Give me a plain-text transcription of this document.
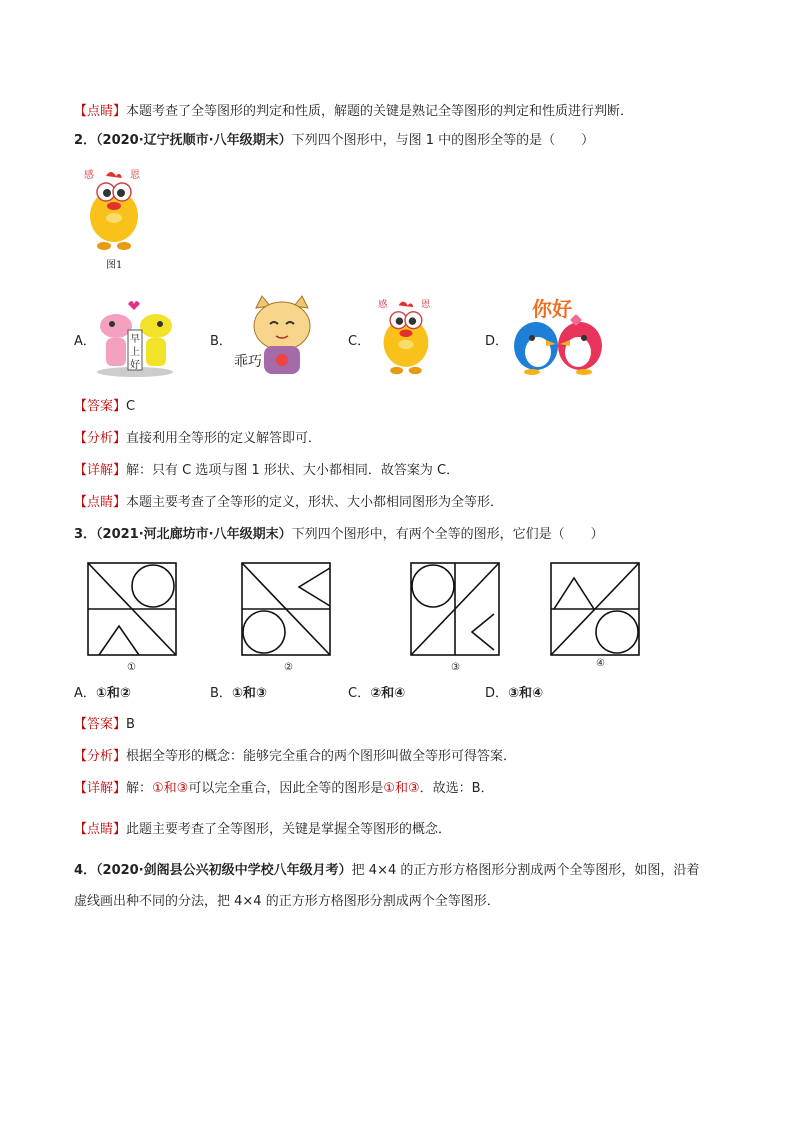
【点睛】本题考查了全等图形的判定和性质，解题的关键是熟记全等图形的判定和性质进行判断．
2．（2020·辽宁抚顺市·八年级期末）下列四个图形中，与图 1 中的图形全等的是（　　）
感	恩
图1
A．	早
上
好
B．
乖巧
C．
感	恩
D．
你好
【答案】C
【分析】直接利用全等形的定义解答即可．
【详解】解：只有 C 选项与图 1 形状、大小都相同．故答案为 C．
【点睛】本题主要考查了全等形的定义，形状、大小都相同图形为全等形．
3．（2021·河北廊坊市·八年级期末）下列四个图形中，有两个全等的图形，它们是（　　）
①	②	③	④
A．①和②	B．①和③	C．②和④	D．③和④
【答案】B
【分析】根据全等形的概念：能够完全重合的两个图形叫做全等形可得答案．
【详解】解：①和③可以完全重合，因此全等的图形是①和③．故选：B．
【点睛】此题主要考查了全等图形，关键是掌握全等图形的概念．
4．（2020·剑阁县公兴初级中学校八年级月考）把 4×4 的正方形方格图形分割成两个全等图形，如图，沿着
虚线画出种不同的分法，把 4×4 的正方形方格图形分割成两个全等图形．
